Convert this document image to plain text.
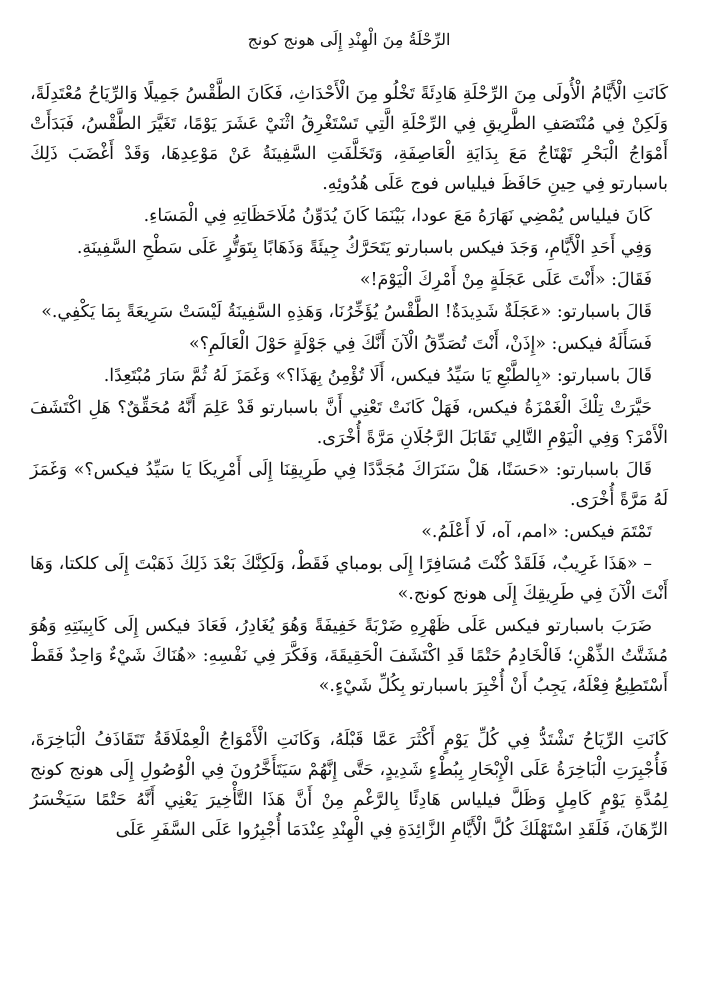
الرِّحْلَةُ مِنَ الْهِنْدِ إِلَى هونج كونج

كَانَتِ الْأَيَّامُ الْأُولَى مِنَ الرِّحْلَةِ هَادِئَةً تَخْلُو مِنَ الْأَحْدَاثِ، فَكَانَ الطَّقْسُ جَمِيلًا وَالرِّيَاحُ مُعْتَدِلَةً، وَلَكِنْ فِي مُنْتَصَفِ الطَّرِيقِ فِي الرِّحْلَةِ الَّتِي تَسْتَغْرِقُ اثْنَيْ عَشَرَ يَوْمًا، تَغَيَّرَ الطَّقْسُ، فَبَدَأَتْ أَمْوَاجُ الْبَحْرِ تَهْتَاجُ مَعَ بِدَايَةِ الْعَاصِفَةِ، وَتَخَلَّفَتِ السَّفِينَةُ عَنْ مَوْعِدِهَا، وَقَدْ أَغْضَبَ ذَلِكَ باسبارتو فِي حِينِ حَافَظَ فيلياس فوج عَلَى هُدُوئِهِ.

كَانَ فيلياس يُمْضِي نَهَارَهُ مَعَ عودا، بَيْنَمَا كَانَ يُدَوِّنُ مُلَاحَظَاتِهِ فِي الْمَسَاءِ.

وَفِي أَحَدِ الْأَيَّامِ، وَجَدَ فيكس باسبارتو يَتَحَرَّكُ جِيئَةً وَذَهَابًا بِتَوَتُّرٍ عَلَى سَطْحِ السَّفِينَةِ.

فَقَالَ: «أَنْتَ عَلَى عَجَلَةٍ مِنْ أَمْرِكَ الْيَوْمَ!»

قَالَ باسبارتو: «عَجَلَةٌ شَدِيدَةٌ! الطَّقْسُ يُؤَخِّرُنَا، وَهَذِهِ السَّفِينَةُ لَيْسَتْ سَرِيعَةً بِمَا يَكْفِي.»

فَسَأَلَهُ فيكس: «إِذَنْ، أَنْتَ تُصَدِّقُ الْآنَ أَنَّكَ فِي جَوْلَةٍ حَوْلَ الْعَالَمِ؟»

قَالَ باسبارتو: «بِالطَّبْعِ يَا سَيِّدُ فيكس، أَلَا تُؤْمِنُ بِهَذَا؟» وَغَمَزَ لَهُ ثُمَّ سَارَ مُبْتَعِدًا.

حَيَّرَتْ تِلْكَ الْغَمْزَةُ فيكس، فَهَلْ كَانَتْ تَعْنِي أَنَّ باسبارتو قَدْ عَلِمَ أَنَّهُ مُحَقِّقٌ؟ هَلِ اكْتَشَفَ الْأَمْرَ؟ وَفِي الْيَوْمِ التَّالِي تَقَابَلَ الرَّجُلَانِ مَرَّةً أُخْرَى.

قَالَ باسبارتو: «حَسَنًا، هَلْ سَنَرَاكَ مُجَدَّدًا فِي طَرِيقِنَا إِلَى أَمْرِيكَا يَا سَيِّدُ فيكس؟» وَغَمَزَ لَهُ مَرَّةً أُخْرَى.

تَمْتَمَ فيكس: «امم، آه، لَا أَعْلَمُ.»

– «هَذَا غَرِيبٌ، فَلَقَدْ كُنْتَ مُسَافِرًا إِلَى بومباي فَقَطْ، وَلَكِنَّكَ بَعْدَ ذَلِكَ ذَهَبْتَ إِلَى كلكتا، وَهَا أَنْتَ الْآنَ فِي طَرِيقِكَ إِلَى هونج كونج.»

ضَرَبَ باسبارتو فيكس عَلَى ظَهْرِهِ ضَرْبَةً خَفِيفَةً وَهُوَ يُغَادِرُ، فَعَادَ فيكس إِلَى كَابِينَتِهِ وَهُوَ مُشَتَّتُ الذِّهْنِ؛ فَالْخَادِمُ حَتْمًا قَدِ اكْتَشَفَ الْحَقِيقَةَ، وَفَكَّرَ فِي نَفْسِهِ: «هُنَاكَ شَيْءٌ وَاحِدٌ فَقَطْ أَسْتَطِيعُ فِعْلَهُ، يَجِبُ أَنْ أُخْبِرَ باسبارتو بِكُلِّ شَيْءٍ.»

كَانَتِ الرِّيَاحُ تَشْتَدُّ فِي كُلِّ يَوْمٍ أَكْثَرَ عَمَّا قَبْلَهُ، وَكَانَتِ الْأَمْوَاجُ الْعِمْلَاقَةُ تَتَقَاذَفُ الْبَاخِرَةَ، فَأُجْبِرَتِ الْبَاخِرَةُ عَلَى الْإِبْحَارِ بِبُطْءٍ شَدِيدٍ، حَتَّى إِنَّهُمْ سَيَتَأَخَّرُونَ فِي الْوُصُولِ إِلَى هونج كونج لِمُدَّةِ يَوْمٍ كَامِلٍ وَظَلَّ فيلياس هَادِئًا بِالرَّغْمِ مِنْ أَنَّ هَذَا التَّأْخِيرَ يَعْنِي أَنَّهُ حَتْمًا سَيَخْسَرُ الرِّهَانَ، فَلَقَدِ اسْتَهْلَكَ كُلَّ الْأَيَّامِ الزَّائِدَةِ فِي الْهِنْدِ عِنْدَمَا أُجْبِرُوا عَلَى السَّفَرِ عَلَى
